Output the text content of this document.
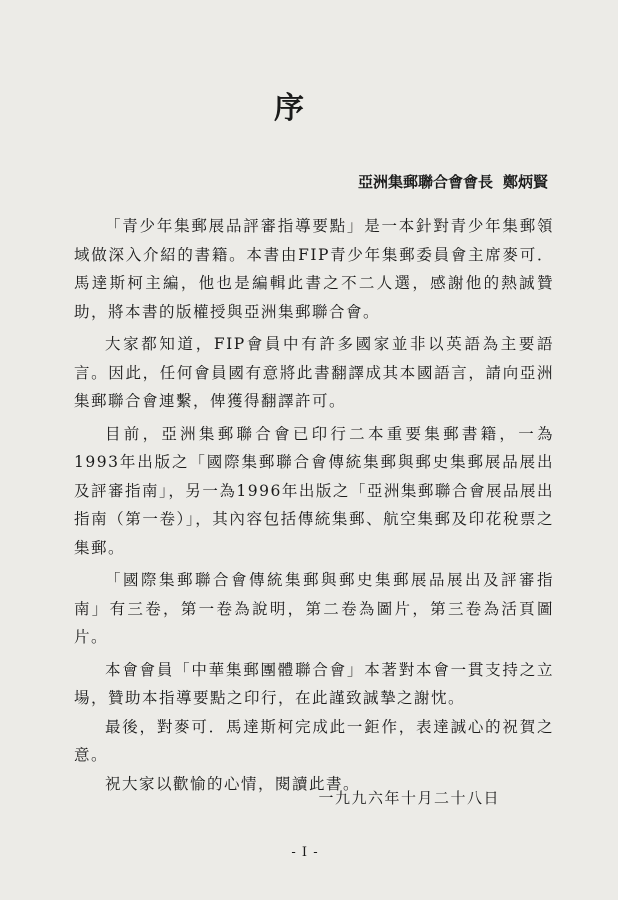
序
亞洲集郵聯合會會長 鄭炳賢

「青少年集郵展品評審指導要點」是一本針對青少年集郵領域做深入介紹的書籍。本書由FIP青少年集郵委員會主席麥可．馬達斯柯主編，他也是編輯此書之不二人選，感謝他的熱誠贊助，將本書的版權授與亞洲集郵聯合會。

大家都知道，FIP會員中有許多國家並非以英語為主要語言。因此，任何會員國有意將此書翻譯成其本國語言，請向亞洲集郵聯合會連繫，俾獲得翻譯許可。

目前，亞洲集郵聯合會已印行二本重要集郵書籍，一為1993年出版之「國際集郵聯合會傳統集郵與郵史集郵展品展出及評審指南」，另一為1996年出版之「亞洲集郵聯合會展品展出指南（第一卷）」，其內容包括傳統集郵、航空集郵及印花稅票之集郵。

「國際集郵聯合會傳統集郵與郵史集郵展品展出及評審指南」有三卷，第一卷為說明，第二卷為圖片，第三卷為活頁圖片。

本會會員「中華集郵團體聯合會」本著對本會一貫支持之立場，贊助本指導要點之印行，在此謹致誠摯之謝忱。

最後，對麥可．馬達斯柯完成此一鉅作，表達誠心的祝賀之意。

祝大家以歡愉的心情，閱讀此書。

一九九六年十月二十八日
- I -
